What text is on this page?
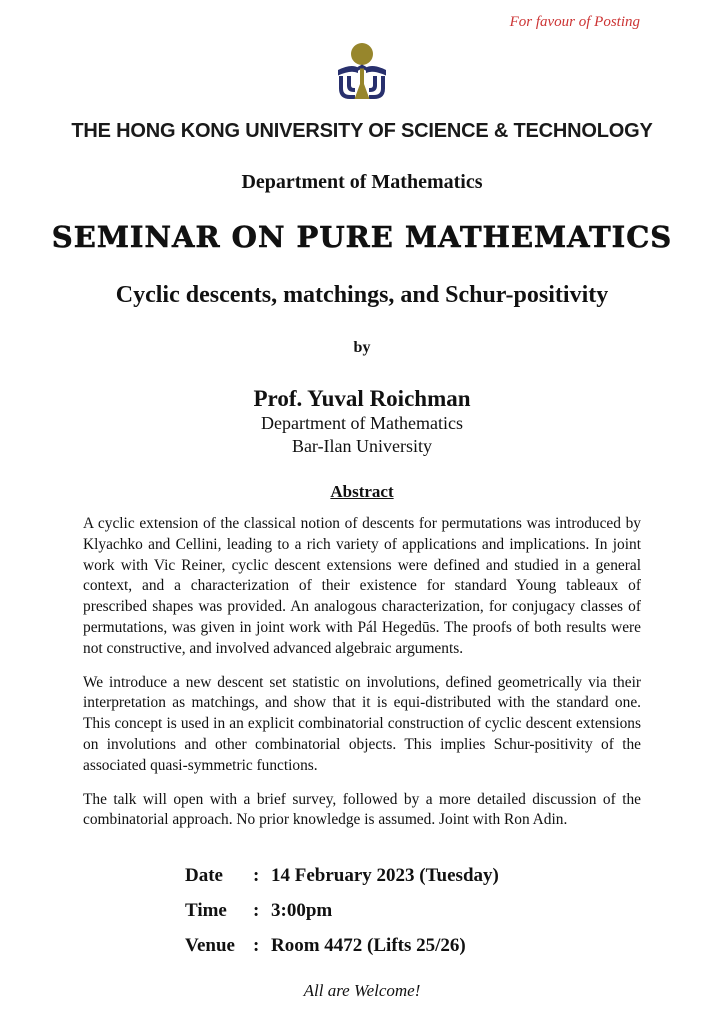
For favour of Posting
THE HONG KONG UNIVERSITY OF SCIENCE & TECHNOLOGY
Department of Mathematics
SEMINAR ON PURE MATHEMATICS
Cyclic descents, matchings, and Schur-positivity
by
Prof. Yuval Roichman
Department of Mathematics
Bar-Ilan University
Abstract

A cyclic extension of the classical notion of descents for permutations was introduced by Klyachko and Cellini, leading to a rich variety of applications and implications. In joint work with Vic Reiner, cyclic descent extensions were defined and studied in a general context, and a characterization of their existence for standard Young tableaux of prescribed shapes was provided. An analogous characterization, for conjugacy classes of permutations, was given in joint work with Pál Hegedūs. The proofs of both results were not constructive, and involved advanced algebraic arguments.

We introduce a new descent set statistic on involutions, defined geometrically via their interpretation as matchings, and show that it is equi-distributed with the standard one. This concept is used in an explicit combinatorial construction of cyclic descent extensions on involutions and other combinatorial objects. This implies Schur-positivity of the associated quasi-symmetric functions.

The talk will open with a brief survey, followed by a more detailed discussion of the combinatorial approach. No prior knowledge is assumed. Joint with Ron Adin.

Date	: 14 February 2023 (Tuesday)
Time	: 3:00pm
Venue : Room 4472 (Lifts 25/26)
All are Welcome!
